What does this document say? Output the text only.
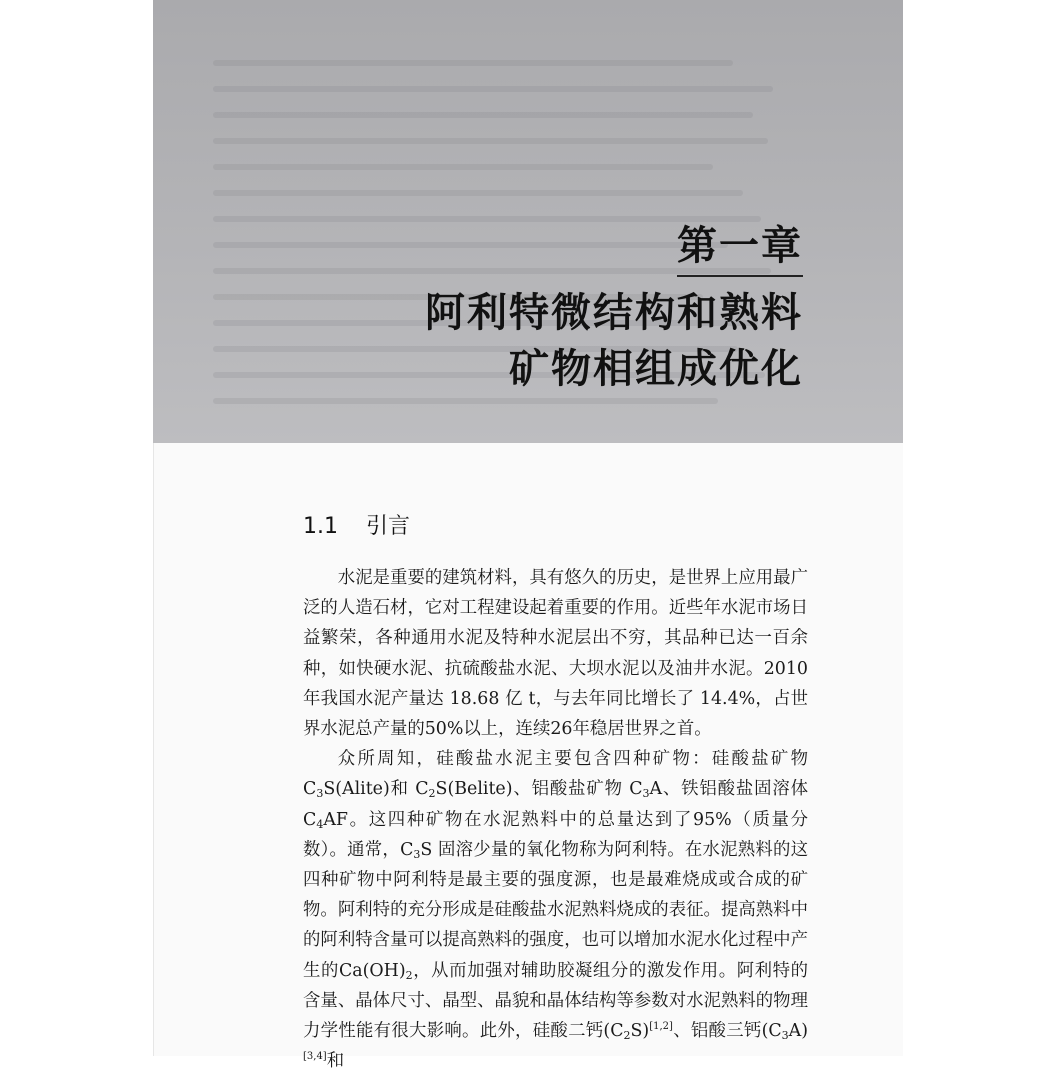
第一章
阿利特微结构和熟料
矿物相组成优化
1.1 引言

水泥是重要的建筑材料，具有悠久的历史，是世界上应用最广泛的人造石材，它对工程建设起着重要的作用。近些年水泥市场日益繁荣，各种通用水泥及特种水泥层出不穷，其品种已达一百余种，如快硬水泥、抗硫酸盐水泥、大坝水泥以及油井水泥。2010年我国水泥产量达 18.68 亿 t，与去年同比增长了 14.4%，占世界水泥总产量的50%以上，连续26年稳居世界之首。

众所周知，硅酸盐水泥主要包含四种矿物：硅酸盐矿物 $C_3S(Alite)$和 $C_2S(Belite)$、铝酸盐矿物 $C_3A$、铁铝酸盐固溶体 $C_4AF$。这四种矿物在水泥熟料中的总量达到了95%（质量分数）。通常，$C_3S$ 固溶少量的氧化物称为阿利特。在水泥熟料的这四种矿物中阿利特是最主要的强度源，也是最难烧成或合成的矿物。阿利特的充分形成是硅酸盐水泥熟料烧成的表征。提高熟料中的阿利特含量可以提高熟料的强度，也可以增加水泥水化过程中产生的$Ca(OH)_2$，从而加强对辅助胶凝组分的激发作用。阿利特的含量、晶体尺寸、晶型、晶貌和晶体结构等参数对水泥熟料的物理力学性能有很大影响。此外，硅酸二钙$(C_2S)[1,2]$、铝酸三钙$(C_3A)[3,4]$和
